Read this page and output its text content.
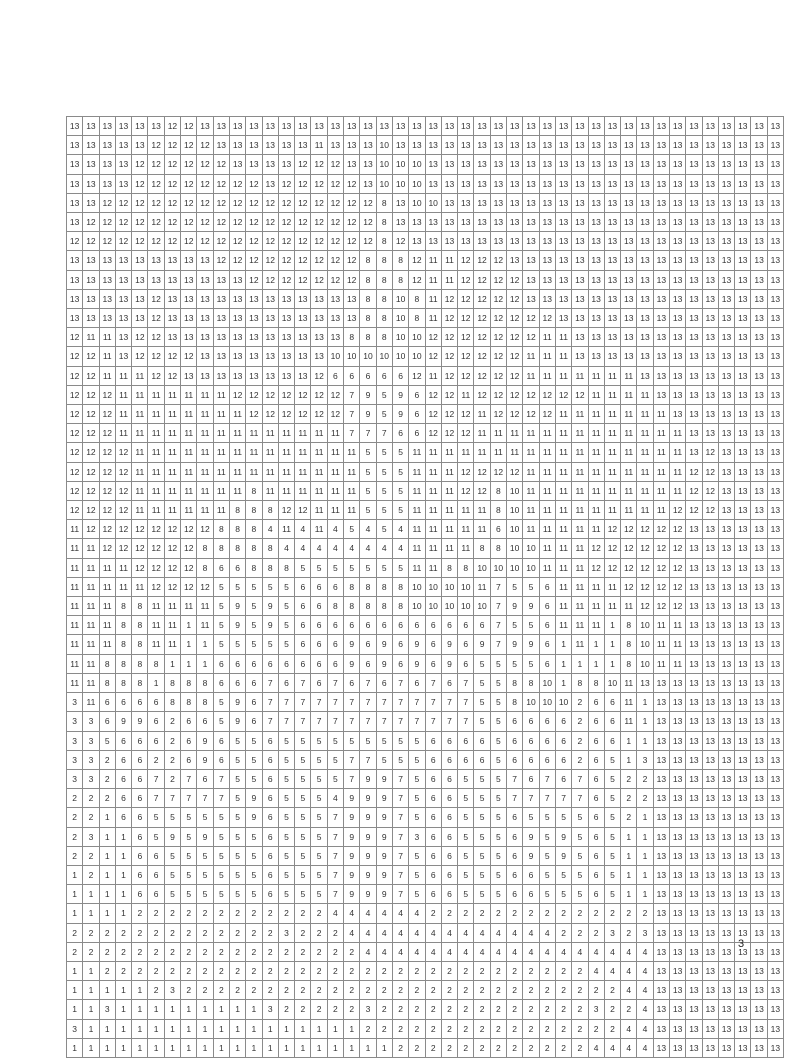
13	13	13	13	13	13	12	12	13	13	13	13	13	13	13	13	13	13	13	13	13	13	13	13	13	13	13	13	13	13	13	13	13	13	13	13	13	13	13	13	13	13	13	13
13	13	13	13	13	12	12	12	12	13	13	13	13	13	13	11	13	13	13	10	13	13	13	13	13	13	13	13	13	13	13	13	13	13	13	13	13	13	13	13	13	13	13	13
13	13	13	13	12	12	12	12	12	12	13	13	13	13	12	12	12	13	13	10	10	10	13	13	13	13	13	13	13	13	13	13	13	13	13	13	13	13	13	13	13	13	13	13
13	13	13	13	12	12	12	12	12	12	12	12	13	12	12	12	12	12	13	10	10	10	13	13	13	13	13	13	13	13	13	13	13	13	13	13	13	13	13	13	13	13	13	13
13	13	12	12	12	12	12	12	12	12	12	12	12	12	12	12	12	12	12	8	13	10	10	13	13	13	13	13	13	13	13	13	13	13	13	13	13	13	13	13	13	13	13	13
13	12	12	12	12	12	12	12	12	12	12	12	12	12	12	12	12	12	12	8	13	13	13	13	13	13	13	13	13	13	13	13	13	13	13	13	13	13	13	13	13	13	13	13
12	12	12	12	12	12	12	12	12	12	12	12	12	12	12	12	12	12	12	8	12	13	13	13	13	13	13	13	13	13	13	13	13	13	13	13	13	13	13	13	13	13	13	13
13	13	13	13	13	13	13	13	13	12	12	12	12	12	12	12	12	12	8	8	8	12	11	11	12	12	12	13	13	13	13	13	13	13	13	13	13	13	13	13	13	13	13	13
13	13	13	13	13	13	13	13	13	13	13	12	12	12	12	12	12	12	8	8	8	12	11	11	12	12	12	12	13	13	13	13	13	13	13	13	13	13	13	13	13	13	13	13
13	13	13	13	13	12	13	13	13	13	13	13	13	13	13	13	13	13	8	8	10	8	11	12	12	12	12	12	13	13	13	13	13	13	13	13	13	13	13	13	13	13	13	13
13	13	13	13	13	12	13	13	13	13	13	13	13	13	13	13	13	13	8	8	10	8	11	12	12	12	12	12	12	12	13	13	13	13	13	13	13	13	13	13	13	13	13	13
12	11	11	13	12	12	13	13	13	13	13	13	13	13	13	13	13	8	8	8	10	10	12	12	12	12	12	12	12	11	11	13	13	13	13	13	13	13	13	13	13	13	13	13
12	12	11	13	12	12	12	12	13	13	13	13	13	13	13	13	10	10	10	10	10	10	12	12	12	12	12	12	11	11	11	13	13	13	13	13	13	13	13	13	13	13	13	13
12	12	11	11	11	12	12	13	13	13	13	13	13	13	13	12	6	6	6	6	6	12	11	12	12	12	12	12	11	11	11	11	11	11	11	13	13	13	13	13	13	13	13	13
12	12	12	11	11	11	11	11	11	11	12	12	12	12	12	12	12	7	9	5	9	6	12	12	11	12	12	12	12	12	12	12	11	11	11	11	13	13	13	13	13	13	13	13
12	12	12	11	11	11	11	11	11	11	11	12	12	12	12	12	12	7	9	5	9	6	12	12	12	11	12	12	12	12	11	11	11	11	11	11	11	13	13	13	13	13	13	13
12	12	12	11	11	11	11	11	11	11	11	11	11	11	11	11	11	7	7	7	6	6	12	12	12	11	11	11	11	11	11	11	11	11	11	11	11	11	13	13	13	13	13	13
12	12	12	12	11	11	11	11	11	11	11	11	11	11	11	11	11	11	5	5	5	11	11	11	11	11	11	11	11	11	11	11	11	11	11	11	11	11	13	12	13	13	13	13
12	12	12	12	11	11	11	11	11	11	11	11	11	11	11	11	11	11	5	5	5	11	11	11	12	12	12	12	11	11	11	11	11	11	11	11	11	11	12	12	13	13	13	13
12	12	12	12	11	11	11	11	11	11	11	8	11	11	11	11	11	11	5	5	5	11	11	11	12	12	8	10	11	11	11	11	11	11	11	11	11	11	12	12	13	13	13	13
12	12	12	12	11	11	11	11	11	11	8	8	8	12	12	11	11	11	5	5	5	11	11	11	11	11	8	10	11	11	11	11	11	11	11	11	11	12	12	12	13	13	13	13
11	12	12	12	12	12	12	12	12	8	8	8	4	11	4	11	4	5	4	5	4	11	11	11	11	11	6	10	11	11	11	11	11	12	12	12	12	12	13	13	13	13	13	13
11	11	12	12	12	12	12	12	8	8	8	8	8	4	4	4	4	4	4	4	4	11	11	11	11	8	8	10	10	11	11	11	12	12	12	12	12	12	13	13	13	13	13	13
11	11	11	11	12	12	12	12	8	6	6	8	8	8	5	5	5	5	5	5	5	11	11	8	8	10	10	10	10	11	11	11	12	12	12	12	12	12	13	13	13	13	13	13
11	11	11	11	11	12	12	12	12	5	5	5	5	5	6	6	6	8	8	8	8	10	10	10	10	11	7	5	5	6	11	11	11	11	12	12	12	12	13	13	13	13	13	13
11	11	11	8	8	11	11	11	11	5	9	5	9	5	6	6	8	8	8	8	8	10	10	10	10	10	7	9	9	6	11	11	11	11	11	12	12	12	13	13	13	13	13	13
11	11	11	8	8	11	11	1	11	5	9	5	9	5	6	6	6	6	6	6	6	6	6	6	6	6	7	5	5	6	11	11	11	1	8	10	11	11	13	13	13	13	13	13
11	11	11	8	8	11	11	1	1	5	5	5	5	5	6	6	6	9	6	9	6	9	6	9	6	9	7	9	9	6	1	11	1	1	8	10	11	11	13	13	13	13	13	13
11	11	8	8	8	8	1	1	1	6	6	6	6	6	6	6	6	9	6	9	6	9	6	9	6	5	5	5	5	6	1	1	1	1	8	10	11	11	13	13	13	13	13	13
11	11	8	8	8	1	8	8	8	6	6	6	7	6	7	6	7	6	7	6	7	6	7	6	7	5	5	8	8	10	1	8	8	10	11	13	13	13	13	13	13	13	13	13
3	11	6	6	6	6	8	8	8	5	9	6	7	7	7	7	7	7	7	7	7	7	7	7	7	5	5	8	10	10	10	2	6	6	11	1	13	13	13	13	13	13	13	13
3	3	6	9	9	6	2	6	6	5	9	6	7	7	7	7	7	7	7	7	7	7	7	7	7	5	5	6	6	6	6	2	6	6	11	1	13	13	13	13	13	13	13	13
3	3	5	6	6	6	2	6	9	6	5	5	6	5	5	5	5	5	5	5	5	5	6	6	6	6	5	6	6	6	6	2	6	6	1	1	13	13	13	13	13	13	13	13
3	3	2	6	6	2	2	6	9	6	5	5	6	5	5	5	5	7	7	5	5	5	6	6	6	6	5	6	6	6	6	2	6	5	1	3	13	13	13	13	13	13	13	13
3	3	2	6	6	7	2	7	6	7	5	5	6	5	5	5	5	7	9	9	7	5	6	6	5	5	5	7	6	7	6	7	6	5	2	2	13	13	13	13	13	13	13	13
2	2	2	6	6	7	7	7	7	7	5	9	6	5	5	5	4	9	9	9	7	5	6	6	5	5	5	7	7	7	7	7	6	5	2	2	13	13	13	13	13	13	13	13
2	2	1	6	6	5	5	5	5	5	5	9	6	5	5	5	7	9	9	9	7	5	6	6	5	5	5	6	5	5	5	5	6	5	2	1	13	13	13	13	13	13	13	13
2	3	1	1	6	5	9	5	9	5	5	5	6	5	5	5	7	9	9	9	7	3	6	6	5	5	5	6	9	5	9	5	6	5	1	1	13	13	13	13	13	13	13	13
2	2	1	1	6	6	5	5	5	5	5	5	6	5	5	5	7	9	9	9	7	5	6	6	5	5	5	6	9	5	9	5	6	5	1	1	13	13	13	13	13	13	13	13
1	2	1	1	6	6	5	5	5	5	5	5	6	5	5	5	7	9	9	9	7	5	6	6	5	5	5	6	6	5	5	5	6	5	1	1	13	13	13	13	13	13	13	13
1	1	1	1	6	6	5	5	5	5	5	5	6	5	5	5	7	9	9	9	7	5	6	6	5	5	5	6	6	5	5	5	6	5	1	1	13	13	13	13	13	13	13	13
1	1	1	1	2	2	2	2	2	2	2	2	2	2	2	2	4	4	4	4	4	4	2	2	2	2	2	2	2	2	2	2	2	2	2	2	13	13	13	13	13	13	13	13
2	2	2	2	2	2	2	2	2	2	2	2	2	3	2	2	2	4	4	4	4	4	4	4	4	4	4	4	4	4	2	2	2	3	2	3	13	13	13	13	13	13	13	13
2	2	2	2	2	2	2	2	2	2	2	2	2	2	2	2	2	2	4	4	4	4	4	4	4	4	4	4	4	4	4	4	4	4	4	4	13	13	13	13	13	13	13	13
1	1	2	2	2	2	2	2	2	2	2	2	2	2	2	2	2	2	2	2	2	2	2	2	2	2	2	2	2	2	2	2	4	4	4	4	13	13	13	13	13	13	13	13
1	1	1	1	1	2	3	2	2	2	2	2	2	2	2	2	2	2	2	2	2	2	2	2	2	2	2	2	2	2	2	2	2	2	4	4	13	13	13	13	13	13	13	13
1	1	3	1	1	1	1	1	1	1	1	1	3	2	2	2	2	2	3	2	2	2	2	2	2	2	2	2	2	2	2	2	3	2	2	4	13	13	13	13	13	13	13	13
3	1	1	1	1	1	1	1	1	1	1	1	1	1	1	1	1	1	2	2	2	2	2	2	2	2	2	2	2	2	2	2	2	2	4	4	13	13	13	13	13	13	13	13
1	1	1	1	1	1	1	1	1	1	1	1	1	1	1	1	1	1	1	1	2	2	2	2	2	2	2	2	2	2	2	2	4	4	4	4	13	13	13	13	13	13	13	13
3
